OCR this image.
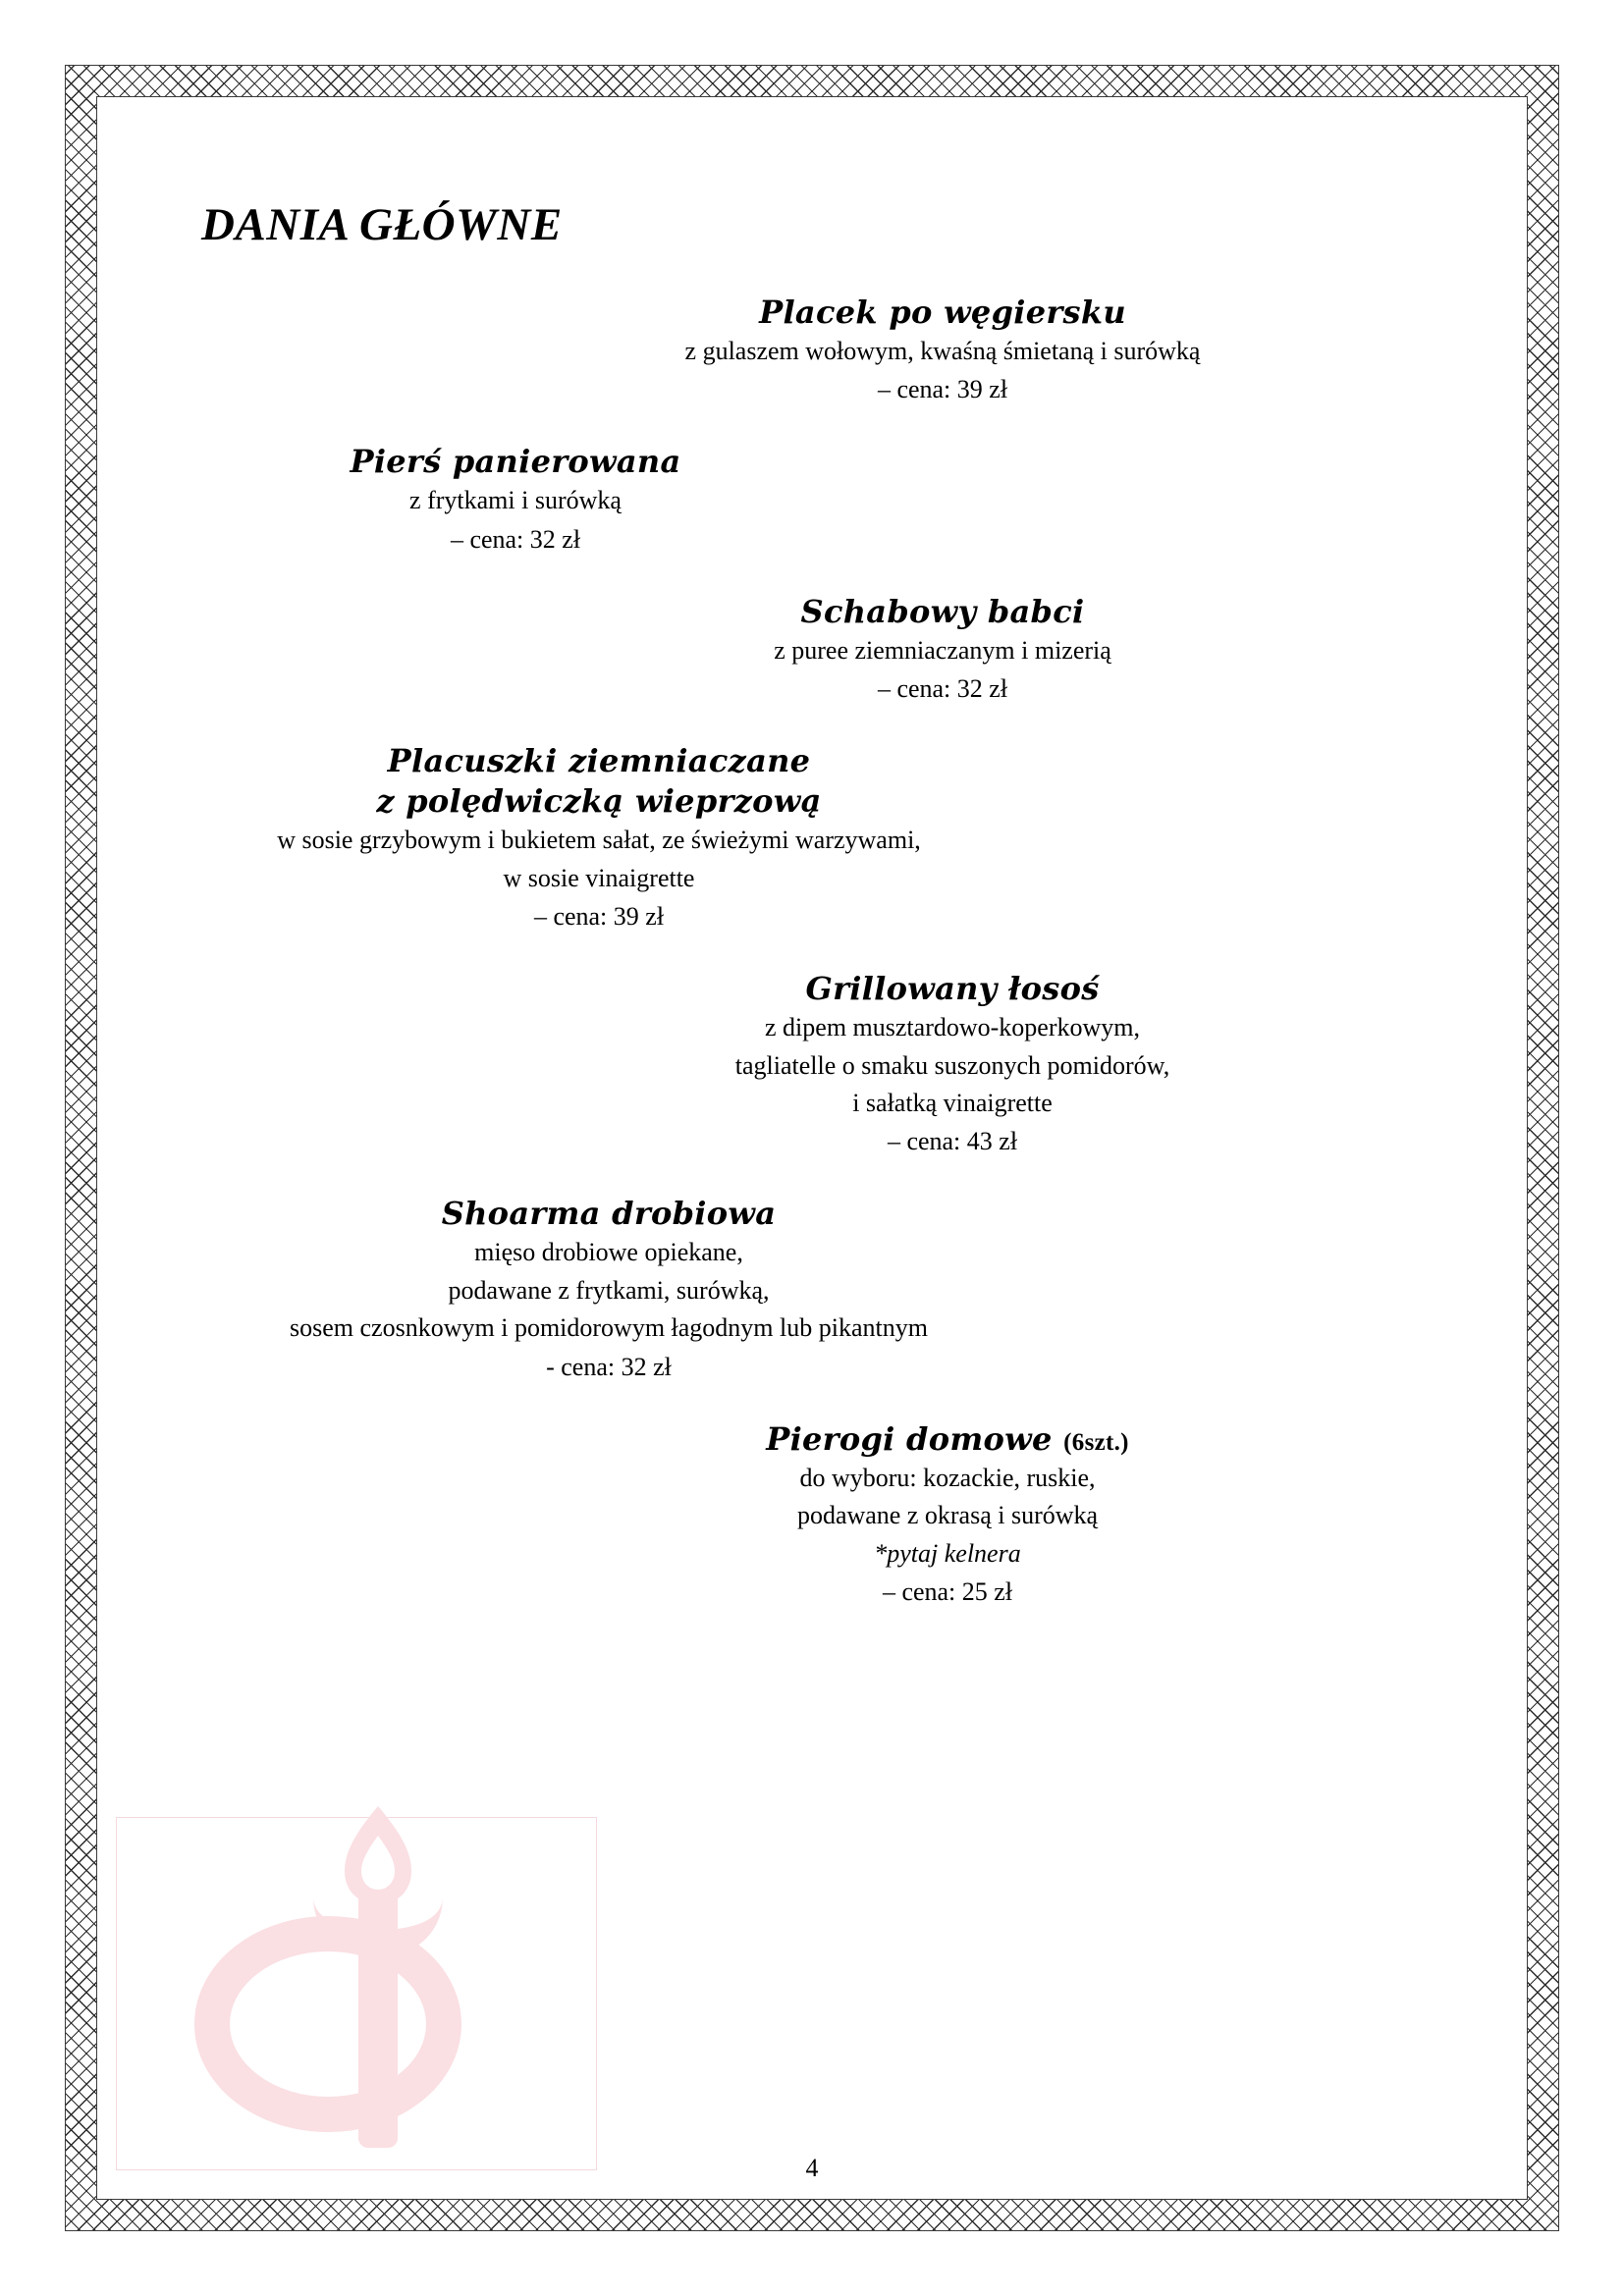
DANIA GŁÓWNE
Placek po węgiersku
z gulaszem wołowym, kwaśną śmietaną i surówką
– cena: 39 zł
Pierś panierowana
z frytkami i surówką
– cena: 32 zł
Schabowy babci
z puree ziemniaczanym i mizerią
– cena: 32 zł
Placuszki ziemniaczane
z polędwiczką wieprzową
w sosie grzybowym i bukietem sałat, ze świeżymi warzywami,
w sosie vinaigrette
– cena: 39 zł
Grillowany łosoś
z dipem musztardowo-koperkowym,
tagliatelle o smaku suszonych pomidorów,
i sałatką vinaigrette
– cena: 43 zł
Shoarma drobiowa
mięso drobiowe opiekane,
podawane z frytkami, surówką,
sosem czosnkowym i pomidorowym łagodnym lub pikantnym
- cena: 32 zł
Pierogi domowe (6szt.)
do wyboru: kozackie, ruskie,
podawane z okrasą i surówką
*pytaj kelnera
– cena: 25 zł
4
